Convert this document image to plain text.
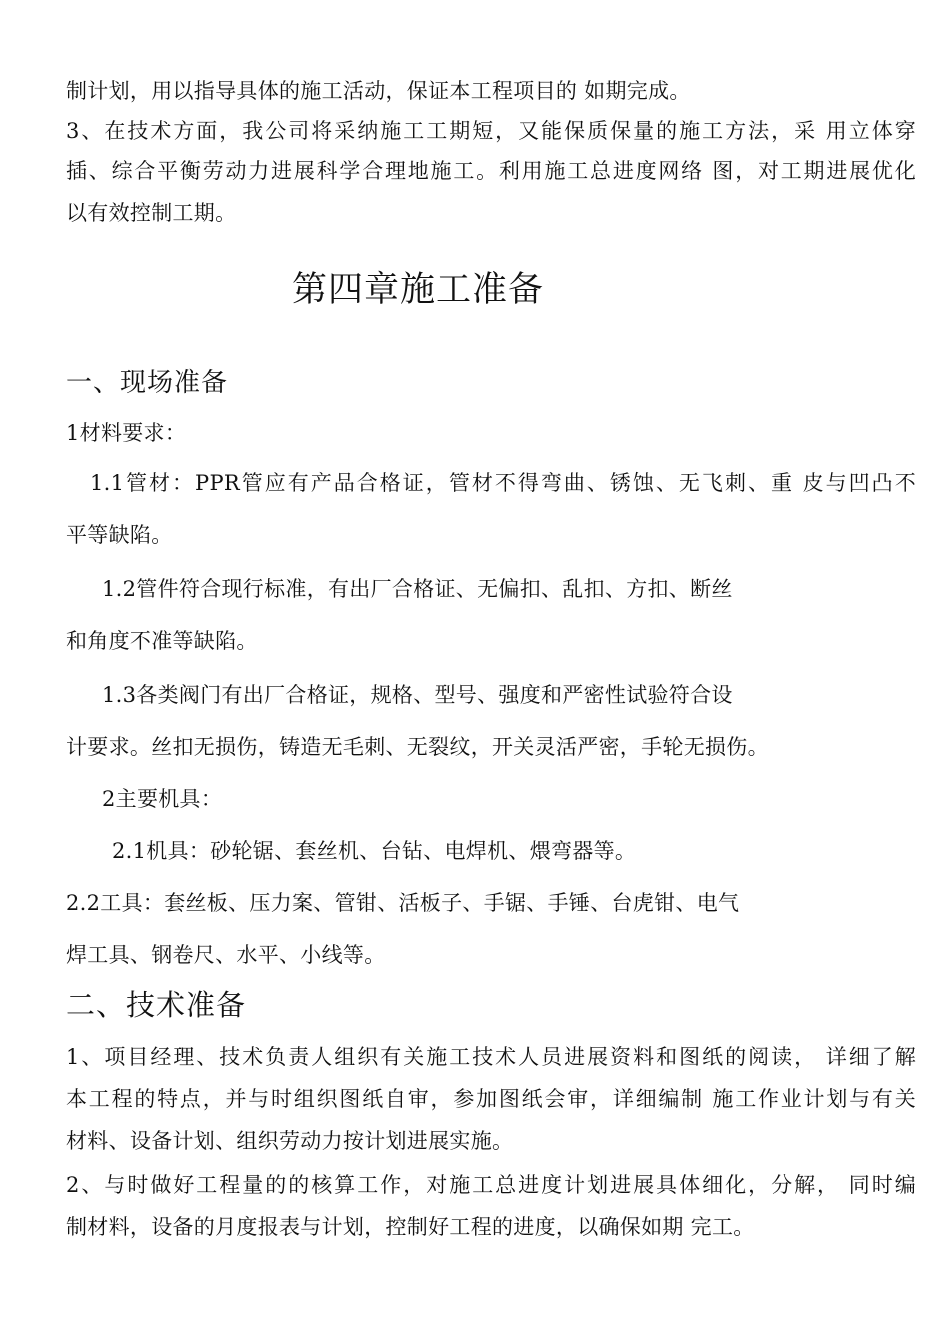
制计划，用以指导具体的施工活动，保证本工程项目的 如期完成。
3、在技术方面，我公司将采纳施工工期短，又能保质保量的施工方法，采 用立体穿
插、综合平衡劳动力进展科学合理地施工。利用施工总进度网络 图，对工期进展优化
以有效控制工期。
第四章施工准备
一、现场准备
1材料要求：
1.1管材：PPR管应有产品合格证，管材不得弯曲、锈蚀、无飞刺、重 皮与凹凸不
平等缺陷。
1.2管件符合现行标准，有出厂合格证、无偏扣、乱扣、方扣、断丝
和角度不准等缺陷。
1.3各类阀门有出厂合格证，规格、型号、强度和严密性试验符合设
计要求。丝扣无损伤，铸造无毛刺、无裂纹，开关灵活严密，手轮无损伤。
2主要机具：
2.1机具：砂轮锯、套丝机、台钻、电焊机、煨弯器等。
2.2工具：套丝板、压力案、管钳、活板子、手锯、手锤、台虎钳、电气
焊工具、钢卷尺、水平、小线等。
二、技术准备
1、项目经理、技术负责人组织有关施工技术人员进展资料和图纸的阅读， 详细了解
本工程的特点，并与时组织图纸自审，参加图纸会审，详细编制 施工作业计划与有关
材料、设备计划、组织劳动力按计划进展实施。
2、与时做好工程量的的核算工作，对施工总进度计划进展具体细化，分解， 同时编
制材料，设备的月度报表与计划，控制好工程的进度，以确保如期 完工。
